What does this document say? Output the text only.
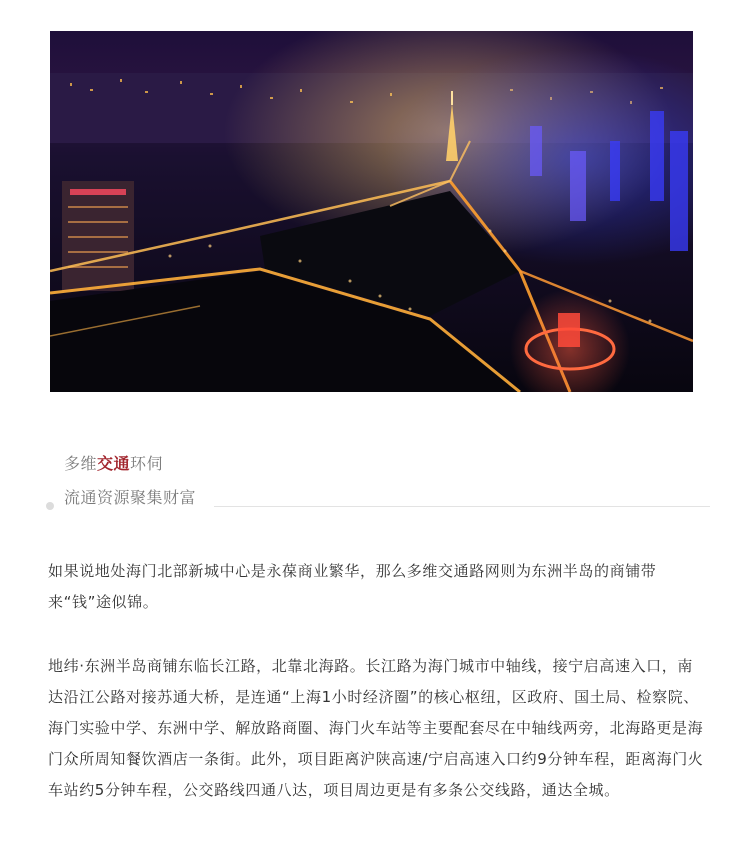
多维交通环伺
流通资源聚集财富

如果说地处海门北部新城中心是永葆商业繁华，那么多维交通路网则为东洲半岛的商铺带来“钱”途似锦。

地纬·东洲半岛商铺东临长江路，北靠北海路。长江路为海门城市中轴线，接宁启高速入口，南达沿江公路对接苏通大桥，是连通“上海1小时经济圈”的核心枢纽，区政府、国土局、检察院、海门实验中学、东洲中学、解放路商圈、海门火车站等主要配套尽在中轴线两旁，北海路更是海门众所周知餐饮酒店一条街。此外，项目距离沪陕高速/宁启高速入口约9分钟车程，距离海门火车站约5分钟车程，公交路线四通八达，项目周边更是有多条公交线路，通达全城。
